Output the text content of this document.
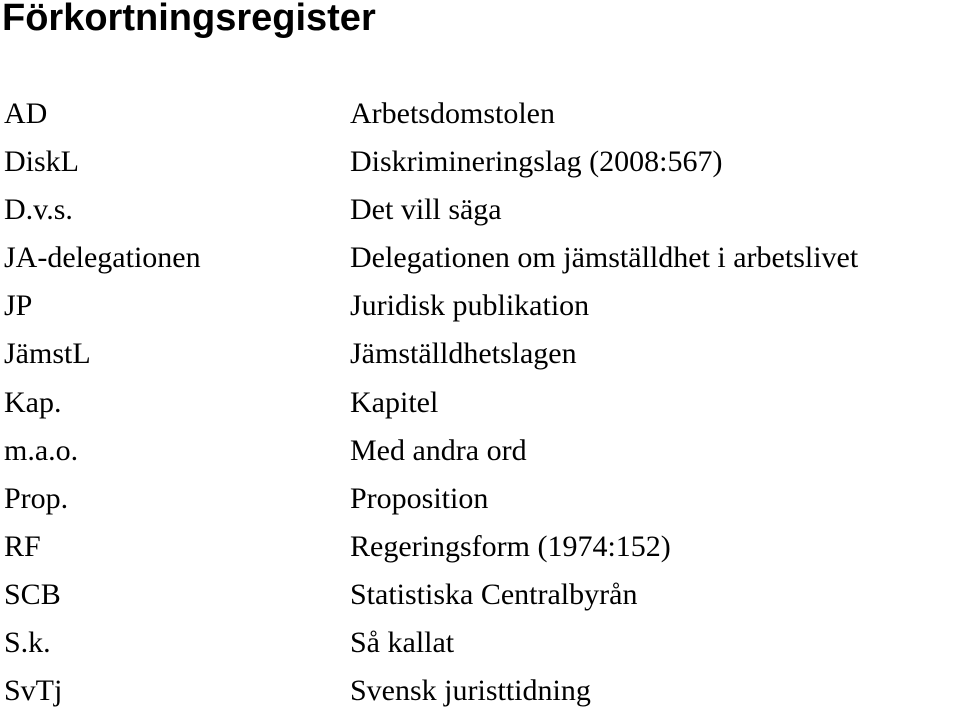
Förkortningsregister
AD	Arbetsdomstolen
DiskL	Diskrimineringslag (2008:567)
D.v.s.	Det vill säga
JA-delegationen	Delegationen om jämställdhet i arbetslivet
JP	Juridisk publikation
JämstL	Jämställdhetslagen
Kap.	Kapitel
m.a.o.	Med andra ord
Prop.	Proposition
RF	Regeringsform (1974:152)
SCB	Statistiska Centralbyrån
S.k.	Så kallat
SvTj	Svensk juristtidning
